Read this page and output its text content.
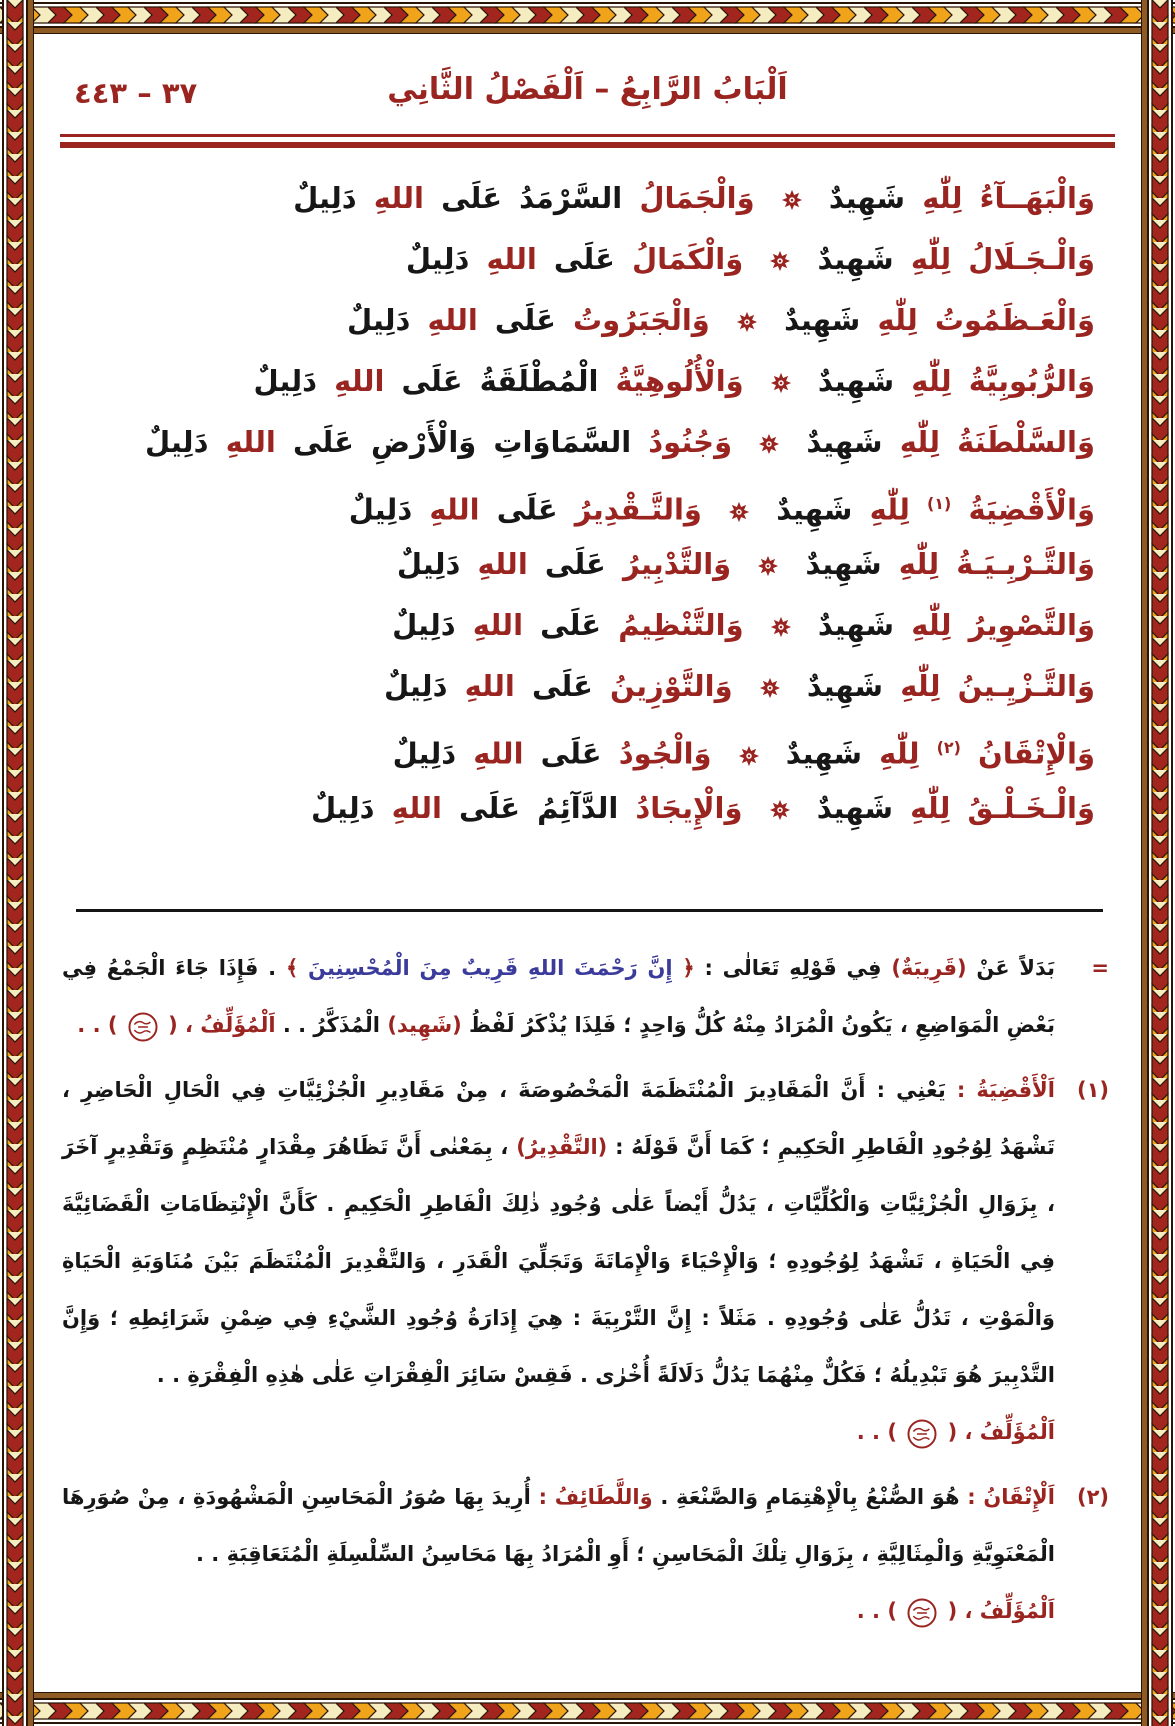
٣٧ – ٤٤٣	اَلْبَابُ الرَّابِعُ – اَلْفَصْلُ الثَّانِي
وَالْبَهَــآءُ لِلّٰهِ شَهِيدٌ  وَالْجَمَالُ السَّرْمَدُ عَلَى اللهِ دَلِيلٌ
وَالْـجَـلَالُ لِلّٰهِ شَهِيدٌ  وَالْكَمَالُ عَلَى اللهِ دَلِيلٌ
وَالْعَـظَمُوتُ لِلّٰهِ شَهِيدٌ  وَالْجَبَرُوتُ عَلَى اللهِ دَلِيلٌ
وَالرُّبُوبِيَّةُ لِلّٰهِ شَهِيدٌ  وَالْأُلُوهِيَّةُ الْمُطْلَقَةُ عَلَى اللهِ دَلِيلٌ
وَالسَّلْطَنَةُ لِلّٰهِ شَهِيدٌ  وَجُنُودُ السَّمَاوَاتِ وَالْأَرْضِ عَلَى اللهِ دَلِيلٌ
وَالْأَقْضِيَةُ $^{(١)}$ لِلّٰهِ شَهِيدٌ  وَالتَّـقْدِيرُ عَلَى اللهِ دَلِيلٌ
وَالتَّـرْبِـيَـةُ لِلّٰهِ شَهِيدٌ  وَالتَّدْبِيرُ عَلَى اللهِ دَلِيلٌ
وَالتَّصْوِيرُ لِلّٰهِ شَهِيدٌ  وَالتَّنْظِيمُ عَلَى اللهِ دَلِيلٌ
وَالتَّـزْيِـينُ لِلّٰهِ شَهِيدٌ  وَالتَّوْزِينُ عَلَى اللهِ دَلِيلٌ
وَالْإِتْقَانُ $^{(٢)}$ لِلّٰهِ شَهِيدٌ  وَالْجُودُ عَلَى اللهِ دَلِيلٌ
وَالْـخَـلْـقُ لِلّٰهِ شَهِيدٌ  وَالْإِيجَادُ الدَّآئِمُ عَلَى اللهِ دَلِيلٌ
=
بَدَلاً عَنْ (قَرِيبَةٌ) فِي قَوْلِهِ تَعَالٰى : ﴿ إِنَّ رَحْمَتَ اللهِ قَرِيبٌ مِنَ الْمُحْسِنِينَ ﴾ . فَإِذَا جَاءَ الْجَمْعُ فِي بَعْضِ الْمَوَاضِعِ ، يَكُونُ الْمُرَادُ مِنْهُ كُلُّ وَاحِدٍ ؛ فَلِذَا يُذْكَرُ لَفْظُ (شَهِيد) الْمُذَكَّرُ . . اَلْمُؤَلِّفُ ، (  ) . .
(١)
اَلْأَقْضِيَةُ : يَعْنِي : أَنَّ الْمَقَادِيرَ الْمُنْتَظَمَةَ الْمَخْصُوصَةَ ، مِنْ مَقَادِيرِ الْجُزْئِيَّاتِ فِي الْحَالِ الْحَاضِرِ ، تَشْهَدُ لِوُجُودِ الْفَاطِرِ الْحَكِيمِ ؛ كَمَا أَنَّ قَوْلَهُ : (التَّقْدِيرُ) ، بِمَعْنٰى أَنَّ تَظَاهُرَ مِقْدَارٍ مُنْتَظِمٍ وَتَقْدِيرٍ آخَرَ ، بِزَوَالِ الْجُزْئِيَّاتِ وَالْكُلِّيَّاتِ ، يَدُلُّ أَيْضاً عَلٰى وُجُودِ ذٰلِكَ الْفَاطِرِ الْحَكِيمِ . كَأَنَّ الْإِنْتِظَامَاتِ الْقَضَائِيَّةَ فِي الْحَيَاةِ ، تَشْهَدُ لِوُجُودِهِ ؛ وَالْإِحْيَاءَ وَالْإِمَاتَةَ وَتَجَلِّيَ الْقَدَرِ ، وَالتَّقْدِيرَ الْمُنْتَظَمَ بَيْنَ مُنَاوَبَةِ الْحَيَاةِ وَالْمَوْتِ ، تَدُلُّ عَلٰى وُجُودِهِ . مَثَلاً : إِنَّ التَّرْبِيَةَ : هِيَ إِدَارَةُ وُجُودِ الشَّيْءِ فِي ضِمْنِ شَرَائِطِهِ ؛ وَإِنَّ التَّدْبِيرَ هُوَ تَبْدِيلُهُ ؛ فَكُلٌّ مِنْهُمَا يَدُلُّ دَلَالَةً أُخْرٰى . فَقِسْ سَائِرَ الْفِقْرَاتِ عَلٰى هٰذِهِ الْفِقْرَةِ . .
اَلْمُؤَلِّفُ ، (  ) . .
(٢)
اَلْإِتْقَانُ : هُوَ الصُّنْعُ بِالْإِهْتِمَامِ وَالصَّنْعَةِ . وَاللَّطَائِفُ : أُرِيدَ بِهَا صُوَرُ الْمَحَاسِنِ الْمَشْهُودَةِ ، مِنْ صُوَرِهَا الْمَعْنَوِيَّةِ وَالْمِثَالِيَّةِ ، بِزَوَالِ تِلْكَ الْمَحَاسِنِ ؛ أَوِ الْمُرَادُ بِهَا مَحَاسِنُ السِّلْسِلَةِ الْمُتَعَاقِبَةِ . .
اَلْمُؤَلِّفُ ، (  ) . .
